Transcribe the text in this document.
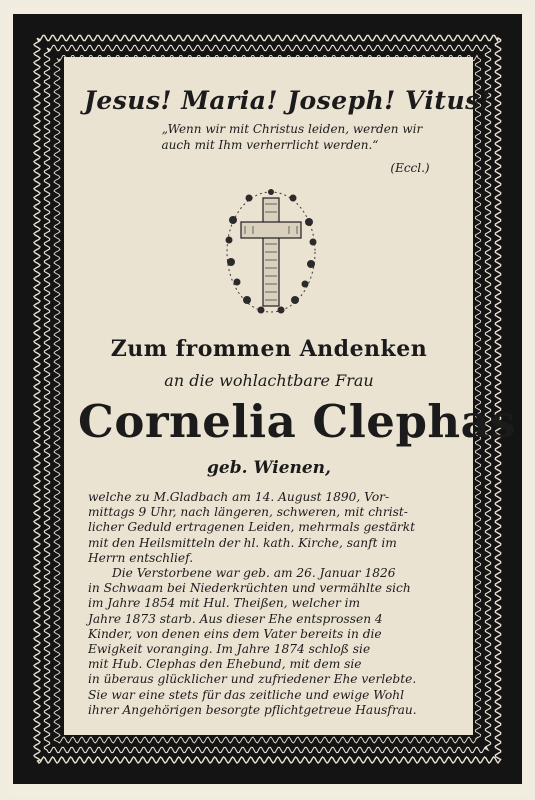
Jesus! Maria! Joseph! Vitus!
„Wenn wir mit Christus leiden, werden wir
auch mit Ihm verherrlicht werden.“
(Eccl.)
Zum frommen Andenken
an die wohlachtbare Frau
Cornelia Clephas
geb. Wienen,
welche zu M.Gladbach am 14. August 1890, Vor-
mittags 9 Uhr, nach längeren, schweren, mit christ-
licher Geduld ertragenen Leiden, mehrmals gestärkt
mit den Heilsmitteln der hl. kath. Kirche, sanft im
Herrn entschlief.
Die Verstorbene war geb. am 26. Januar 1826
in Schwaam bei Niederkrüchten und vermählte sich
im Jahre 1854 mit Hul. Theißen, welcher im
Jahre 1873 starb. Aus dieser Ehe entsprossen 4
Kinder, von denen eins dem Vater bereits in die
Ewigkeit voranging. Im Jahre 1874 schloß sie
mit Hub. Clephas den Ehebund, mit dem sie
in überaus glücklicher und zufriedener Ehe verlebte.
Sie war eine stets für das zeitliche und ewige Wohl
ihrer Angehörigen besorgte pflichtgetreue Hausfrau.
